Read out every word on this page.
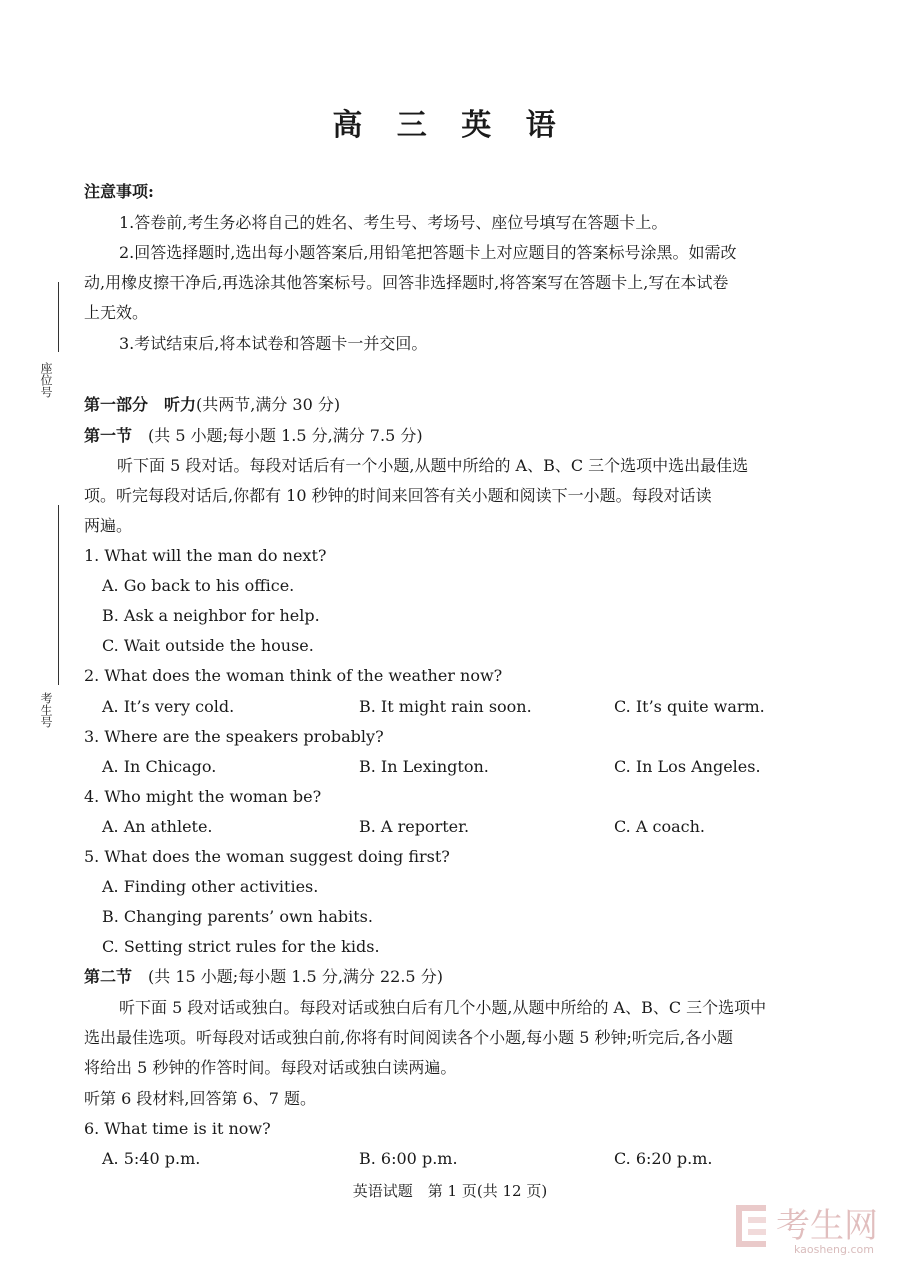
座位号
考生号
高 三 英 语
注意事项:
1.答卷前,考生务必将自己的姓名、考生号、考场号、座位号填写在答题卡上。
2.回答选择题时,选出每小题答案后,用铅笔把答题卡上对应题目的答案标号涂黑。如需改
动,用橡皮擦干净后,再选涂其他答案标号。回答非选择题时,将答案写在答题卡上,写在本试卷
上无效。
3.考试结束后,将本试卷和答题卡一并交回。
第一部分　听力(共两节,满分 30 分)
第一节　 (共 5 小题;每小题 1.5 分,满分 7.5 分)
听下面 5 段对话。每段对话后有一个小题,从题中所给的 A、B、C 三个选项中选出最佳选
项。听完每段对话后,你都有 10 秒钟的时间来回答有关小题和阅读下一小题。每段对话读
两遍。
1. What will the man do next?
A. Go back to his office.
B. Ask a neighbor for help.
C. Wait outside the house.
2. What does the woman think of the weather now?
A. It’s very cold.	B. It might rain soon.	C. It’s quite warm.
3. Where are the speakers probably?
A. In Chicago.	B. In Lexington.	C. In Los Angeles.
4. Who might the woman be?
A. An athlete.	B. A reporter.	C. A coach.
5. What does the woman suggest doing first?
A. Finding other activities.
B. Changing parents’ own habits.
C. Setting strict rules for the kids.
第二节　 (共 15 小题;每小题 1.5 分,满分 22.5 分)
听下面 5 段对话或独白。每段对话或独白后有几个小题,从题中所给的 A、B、C 三个选项中
选出最佳选项。听每段对话或独白前,你将有时间阅读各个小题,每小题 5 秒钟;听完后,各小题
将给出 5 秒钟的作答时间。每段对话或独白读两遍。
听第 6 段材料,回答第 6、7 题。
6. What time is it now?
A. 5:40 p.m.	B. 6:00 p.m.	C. 6:20 p.m.
英语试题　第 1 页(共 12 页)
考生网
kaosheng.com
